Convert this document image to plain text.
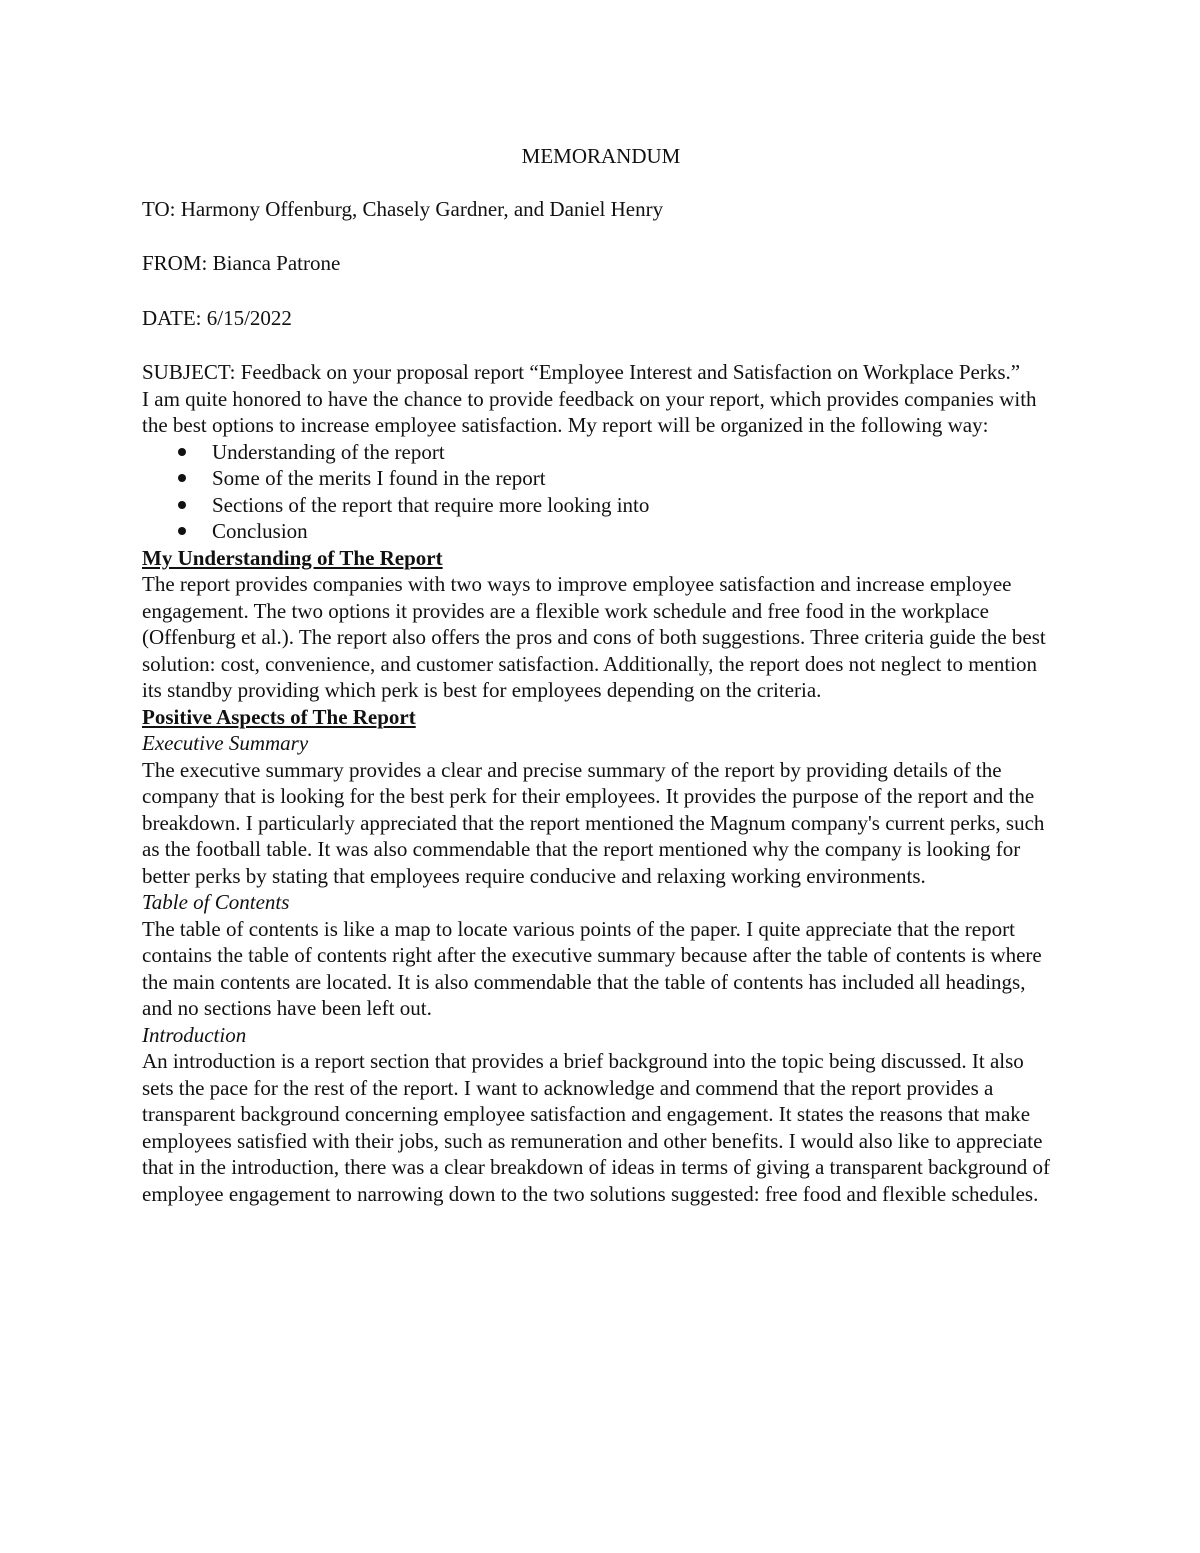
MEMORANDUM
TO: Harmony Offenburg, Chasely Gardner, and Daniel Henry
FROM: Bianca Patrone
DATE: 6/15/2022
SUBJECT: Feedback on your proposal report “Employee Interest and Satisfaction on Workplace Perks.”

I am quite honored to have the chance to provide feedback on your report, which provides companies with the best options to increase employee satisfaction. My report will be organized in the following way:

Understanding of the report
Some of the merits I found in the report
Sections of the report that require more looking into
Conclusion
My Understanding of The Report

The report provides companies with two ways to improve employee satisfaction and increase employee engagement. The two options it provides are a flexible work schedule and free food in the workplace (Offenburg et al.). The report also offers the pros and cons of both suggestions. Three criteria guide the best solution: cost, convenience, and customer satisfaction. Additionally, the report does not neglect to mention its standby providing which perk is best for employees depending on the criteria.

Positive Aspects of The Report
Executive Summary

The executive summary provides a clear and precise summary of the report by providing details of the company that is looking for the best perk for their employees. It provides the purpose of the report and the breakdown. I particularly appreciated that the report mentioned the Magnum company's current perks, such as the football table. It was also commendable that the report mentioned why the company is looking for better perks by stating that employees require conducive and relaxing working environments.

Table of Contents

The table of contents is like a map to locate various points of the paper. I quite appreciate that the report contains the table of contents right after the executive summary because after the table of contents is where the main contents are located. It is also commendable that the table of contents has included all headings, and no sections have been left out.

Introduction

An introduction is a report section that provides a brief background into the topic being discussed. It also sets the pace for the rest of the report. I want to acknowledge and commend that the report provides a transparent background concerning employee satisfaction and engagement. It states the reasons that make employees satisfied with their jobs, such as remuneration and other benefits. I would also like to appreciate that in the introduction, there was a clear breakdown of ideas in terms of giving a transparent background of employee engagement to narrowing down to the two solutions suggested: free food and flexible schedules.
